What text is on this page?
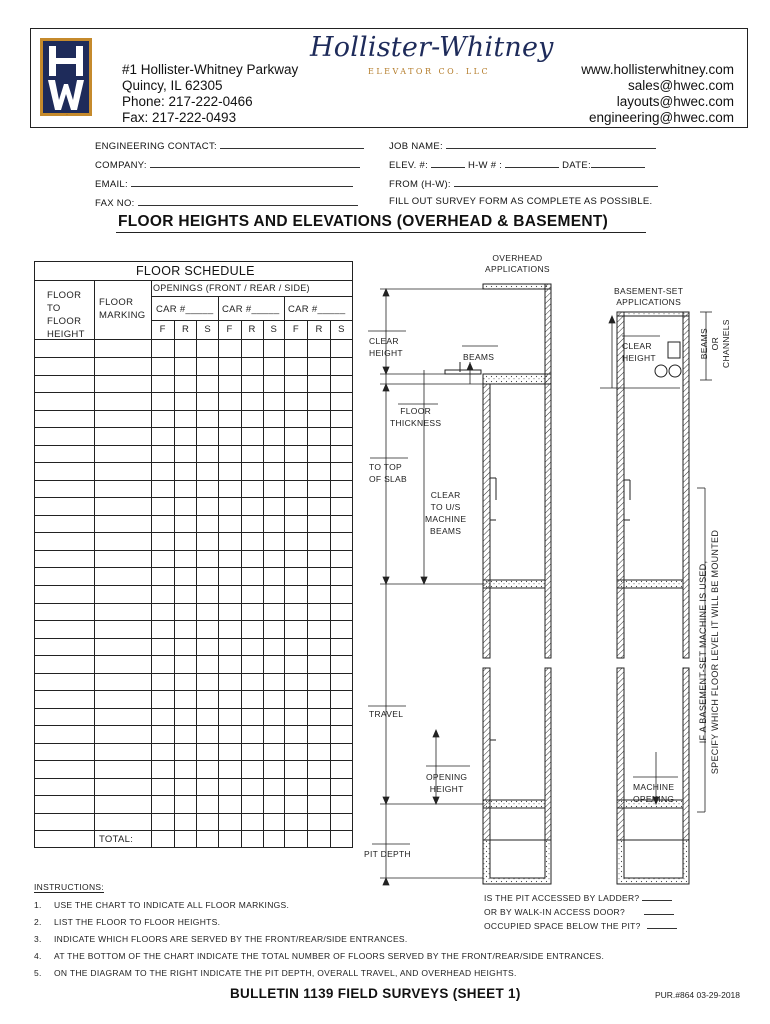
HW
#1 Hollister-Whitney Parkway
Quincy, IL 62305
Phone: 217-222-0466
Fax: 217-222-0493
Hollister-Whitney
ELEVATOR CO. LLC	www.hollisterwhitney.com
sales@hwec.com
layouts@hwec.com
engineering@hwec.com
ENGINEERING CONTACT:
COMPANY:
EMAIL:
FAX NO:
JOB NAME:
ELEV. #:	H-W # :	DATE:
FROM (H-W):
FILL OUT SURVEY FORM AS COMPLETE AS POSSIBLE.
FLOOR HEIGHTS AND ELEVATIONS (OVERHEAD & BASEMENT)
FLOOR SCHEDULE
OPENINGS (FRONT / REAR / SIDE)
FLOOR
TO
FLOOR
HEIGHT
FLOOR
MARKING
CAR #_____ CAR #_____ CAR #_____
F R S F R S F R S
TOTAL:
OVERHEAD
APPLICATIONS
BASEMENT-SET
APPLICATIONS
BEAMS OR CHANNELS
CLEAR
HEIGHT	BEAMS
CLEAR
HEIGHT
FLOOR
THICKNESS
TO TOP
OF SLAB
CLEAR
TO U/S
MACHINE
BEAMS
TRAVEL
OPENING
HEIGHT	MACHINE
OPENING
PIT DEPTH
IF A BASEMENT-SET MACHINE IS USED, SPECIFY WHICH FLOOR LEVEL IT WILL BE MOUNTED
INSTRUCTIONS:
1. USE THE CHART TO INDICATE ALL FLOOR MARKINGS.
2. LIST THE FLOOR TO FLOOR HEIGHTS.
3. INDICATE WHICH FLOORS ARE SERVED BY THE FRONT/REAR/SIDE ENTRANCES.
4. AT THE BOTTOM OF THE CHART INDICATE THE TOTAL NUMBER OF FLOORS SERVED BY THE FRONT/REAR/SIDE ENTRANCES.
5. ON THE DIAGRAM TO THE RIGHT INDICATE THE PIT DEPTH, OVERALL TRAVEL, AND OVERHEAD HEIGHTS.
IS THE PIT ACCESSED BY LADDER?
OR BY WALK-IN ACCESS DOOR?
OCCUPIED SPACE BELOW THE PIT?
BULLETIN 1139 FIELD SURVEYS (SHEET 1)	PUR.#864 03-29-2018
